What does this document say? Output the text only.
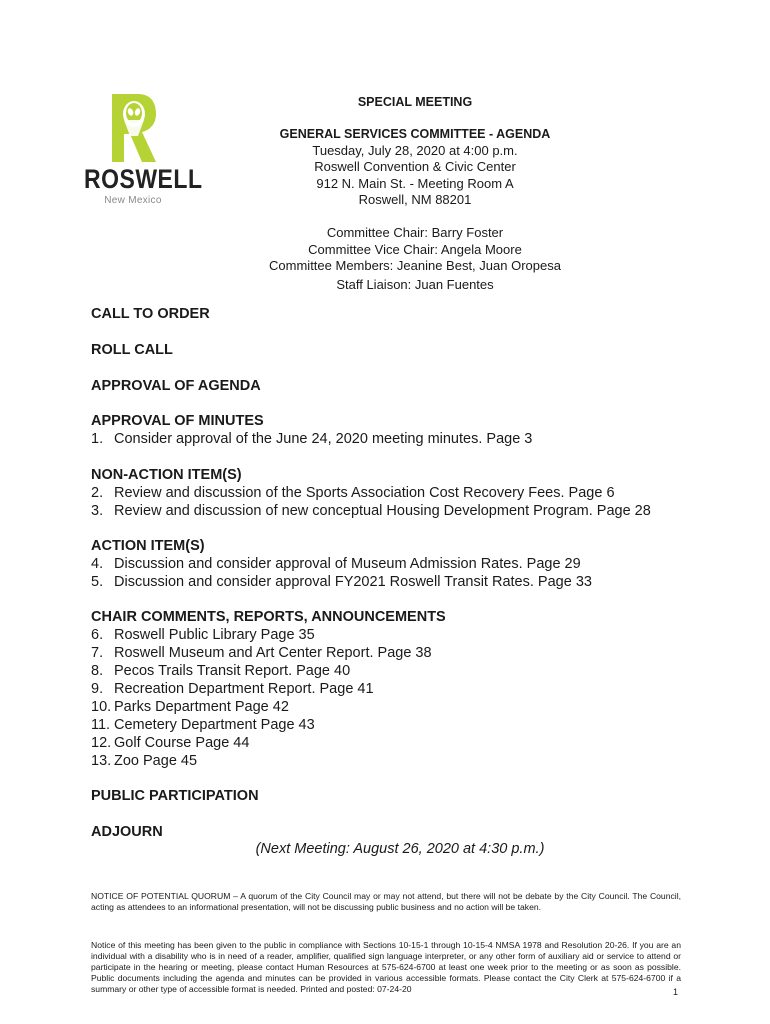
ROSWELL
New Mexico
SPECIAL MEETING
GENERAL SERVICES COMMITTEE - AGENDA
Tuesday, July 28, 2020 at 4:00 p.m.
Roswell Convention & Civic Center
912 N. Main St. - Meeting Room A
Roswell, NM 88201
Committee Chair: Barry Foster
Committee Vice Chair: Angela Moore
Committee Members: Jeanine Best, Juan Oropesa
Staff Liaison: Juan Fuentes
CALL TO ORDER
ROLL CALL
APPROVAL OF AGENDA
APPROVAL OF MINUTES
1. Consider approval of the June 24, 2020 meeting minutes. Page 3
NON-ACTION ITEM(S)
2. Review and discussion of the Sports Association Cost Recovery Fees. Page 6
3. Review and discussion of new conceptual Housing Development Program. Page 28
ACTION ITEM(S)
4. Discussion and consider approval of Museum Admission Rates. Page 29
5. Discussion and consider approval FY2021 Roswell Transit Rates. Page 33
CHAIR COMMENTS, REPORTS, ANNOUNCEMENTS
6. Roswell Public Library Page 35
7. Roswell Museum and Art Center Report. Page 38
8. Pecos Trails Transit Report. Page 40
9. Recreation Department Report. Page 41
10. Parks Department Page 42
11. Cemetery Department Page 43
12. Golf Course Page 44
13. Zoo Page 45
PUBLIC PARTICIPATION
ADJOURN
(Next Meeting: August 26, 2020 at 4:30 p.m.)
NOTICE OF POTENTIAL QUORUM – A quorum of the City Council may or may not attend, but there will not be debate by the City Council. The Council, acting as attendees to an informational presentation, will not be discussing public business and no action will be taken.
Notice of this meeting has been given to the public in compliance with Sections 10-15-1 through 10-15-4 NMSA 1978 and Resolution 20-26. If you are an individual with a disability who is in need of a reader, amplifier, qualified sign language interpreter, or any other form of auxiliary aid or service to attend or participate in the hearing or meeting, please contact Human Resources at 575-624-6700 at least one week prior to the meeting or as soon as possible. Public documents including the agenda and minutes can be provided in various accessible formats. Please contact the City Clerk at 575-624-6700 if a summary or other type of accessible format is needed. Printed and posted: 07-24-20	1
